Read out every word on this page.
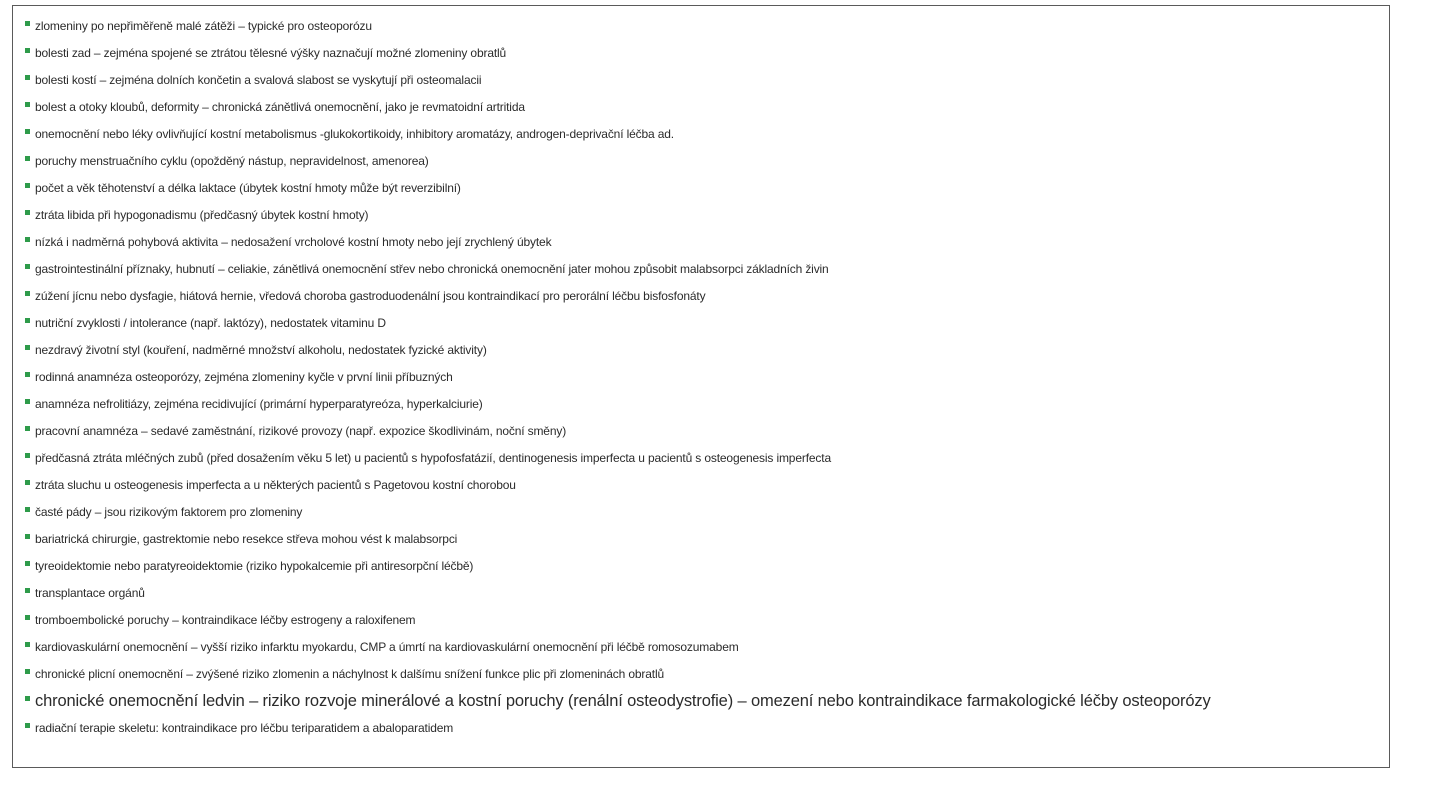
zlomeniny po nepřiměřeně malé zátěži – typické pro osteoporózu
bolesti zad – zejména spojené se ztrátou tělesné výšky naznačují možné zlomeniny obratlů
bolesti kostí – zejména dolních končetin a svalová slabost se vyskytují při osteomalacii
bolest a otoky kloubů, deformity – chronická zánětlivá onemocnění, jako je revmatoidní artritida
onemocnění nebo léky ovlivňující kostní metabolismus -glukokortikoidy, inhibitory aromatázy, androgen-deprivační léčba ad.
poruchy menstruačního cyklu (opožděný nástup, nepravidelnost, amenorea)
počet a věk těhotenství a délka laktace (úbytek kostní hmoty může být reverzibilní)
ztráta libida při hypogonadismu (předčasný úbytek kostní hmoty)
nízká i nadměrná pohybová aktivita – nedosažení vrcholové kostní hmoty nebo její zrychlený úbytek
gastrointestinální příznaky, hubnutí – celiakie, zánětlivá onemocnění střev nebo chronická onemocnění jater mohou způsobit malabsorpci základních živin
zúžení jícnu nebo dysfagie, hiátová hernie, vředová choroba gastroduodenální jsou kontraindikací pro perorální léčbu bisfosfonáty
nutriční zvyklosti / intolerance (např. laktózy), nedostatek vitaminu D
nezdravý životní styl (kouření, nadměrné množství alkoholu, nedostatek fyzické aktivity)
rodinná anamnéza osteoporózy, zejména zlomeniny kyčle v první linii příbuzných
anamnéza nefrolitiázy, zejména recidivující (primární hyperparatyreóza, hyperkalciurie)
pracovní anamnéza – sedavé zaměstnání, rizikové provozy (např. expozice škodlivinám, noční směny)
předčasná ztráta mléčných zubů (před dosažením věku 5 let) u pacientů s hypofosfatázií, dentinogenesis imperfecta u pacientů s osteogenesis imperfecta
ztráta sluchu u osteogenesis imperfecta a u některých pacientů s Pagetovou kostní chorobou
časté pády – jsou rizikovým faktorem pro zlomeniny
bariatrická chirurgie, gastrektomie nebo resekce střeva mohou vést k malabsorpci
tyreoidektomie nebo paratyreoidektomie (riziko hypokalcemie při antiresorpční léčbě)
transplantace orgánů
tromboembolické poruchy – kontraindikace léčby estrogeny a raloxifenem
kardiovaskulární onemocnění – vyšší riziko infarktu myokardu, CMP a úmrtí na kardiovaskulární onemocnění při léčbě romosozumabem
chronické plicní onemocnění – zvýšené riziko zlomenin a náchylnost k dalšímu snížení funkce plic při zlomeninách obratlů
chronické onemocnění ledvin – riziko rozvoje minerálové a kostní poruchy (renální osteodystrofie) – omezení nebo kontraindikace farmakologické léčby osteoporózy
radiační terapie skeletu: kontraindikace pro léčbu teriparatidem a abaloparatidem
